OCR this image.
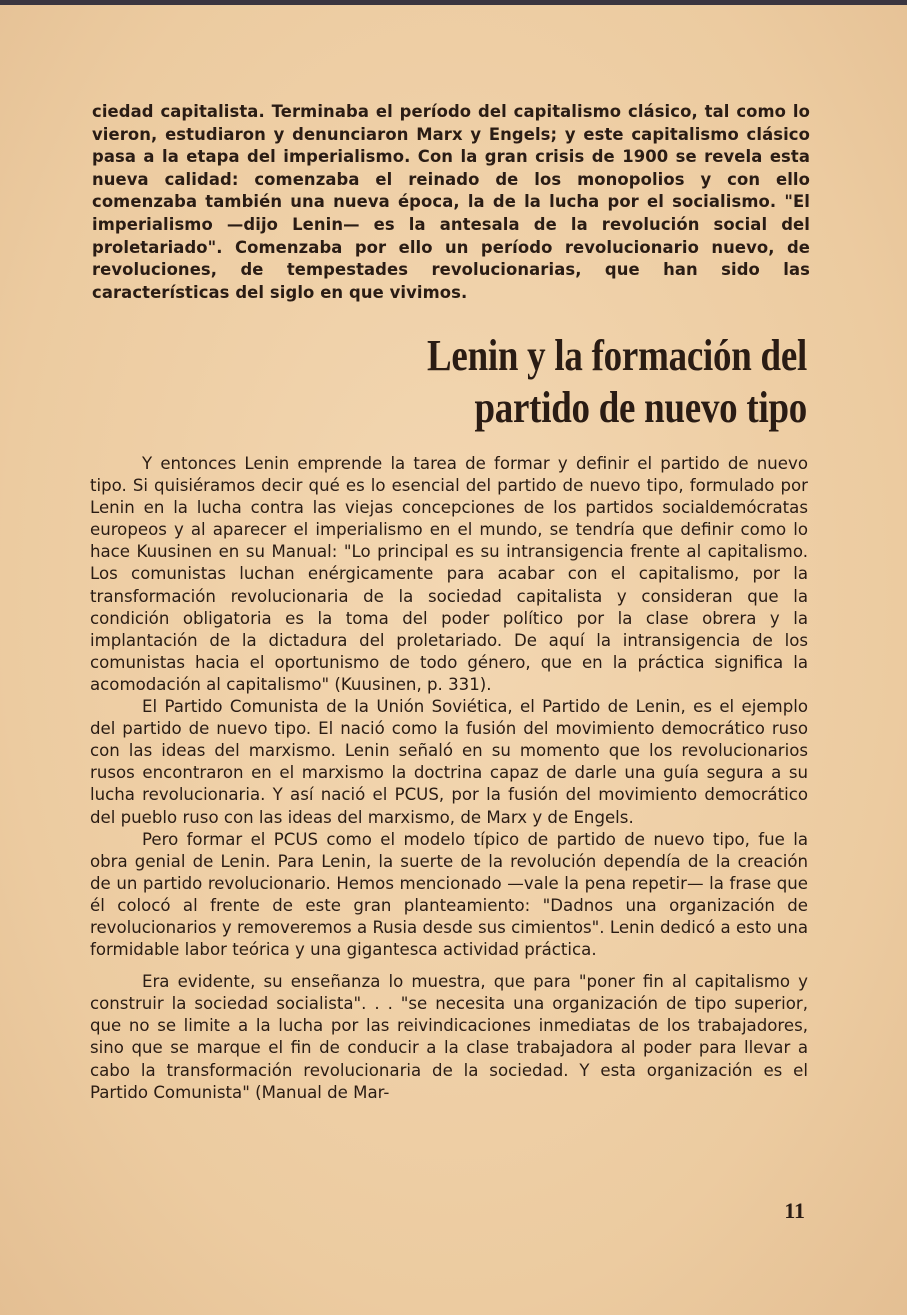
ciedad capitalista. Terminaba el período del capitalismo clásico, tal como lo vieron, estudiaron y denunciaron Marx y Engels; y este capitalismo clásico pasa a la etapa del imperialismo. Con la gran crisis de 1900 se revela esta nueva calidad: comenzaba el reinado de los monopolios y con ello comenzaba también una nueva época, la de la lucha por el socialismo. "El imperialismo —dijo Lenin— es la antesala de la revolución social del proletariado". Comenzaba por ello un período revolucionario nuevo, de revoluciones, de tempestades revolucionarias, que han sido las características del siglo en que vivimos.

Lenin y la formación del
partido de nuevo tipo

Y entonces Lenin emprende la tarea de formar y definir el partido de nuevo tipo. Si quisiéramos decir qué es lo esencial del partido de nuevo tipo, formulado por Lenin en la lucha contra las viejas concepciones de los partidos socialdemócratas europeos y al aparecer el imperialismo en el mundo, se tendría que definir como lo hace Kuusinen en su Manual: "Lo principal es su intransigencia frente al capitalismo. Los comunistas luchan enérgicamente para acabar con el capitalismo, por la transformación revolucionaria de la sociedad capitalista y consideran que la condición obligatoria es la toma del poder político por la clase obrera y la implantación de la dictadura del proletariado. De aquí la intransigencia de los comunistas hacia el oportunismo de todo género, que en la práctica significa la acomodación al capitalismo" (Kuusinen, p. 331).

El Partido Comunista de la Unión Soviética, el Partido de Lenin, es el ejemplo del partido de nuevo tipo. El nació como la fusión del movimiento democrático ruso con las ideas del marxismo. Lenin señaló en su momento que los revolucionarios rusos encontraron en el marxismo la doctrina capaz de darle una guía segura a su lucha revolucionaria. Y así nació el PCUS, por la fusión del movimiento democrático del pueblo ruso con las ideas del marxismo, de Marx y de Engels.

Pero formar el PCUS como el modelo típico de partido de nuevo tipo, fue la obra genial de Lenin. Para Lenin, la suerte de la revolución dependía de la creación de un partido revolucionario. Hemos mencionado —vale la pena repetir— la frase que él colocó al frente de este gran planteamiento: "Dadnos una organización de revolucionarios y removeremos a Rusia desde sus cimientos". Lenin dedicó a esto una formidable labor teórica y una gigantesca actividad práctica.

Era evidente, su enseñanza lo muestra, que para "poner fin al capitalismo y construir la sociedad socialista". . . "se necesita una organización de tipo superior, que no se limite a la lucha por las reivindicaciones inmediatas de los trabajadores, sino que se marque el fin de conducir a la clase trabajadora al poder para llevar a cabo la transformación revolucionaria de la sociedad. Y esta organización es el Partido Comunista" (Manual de Mar-

11
